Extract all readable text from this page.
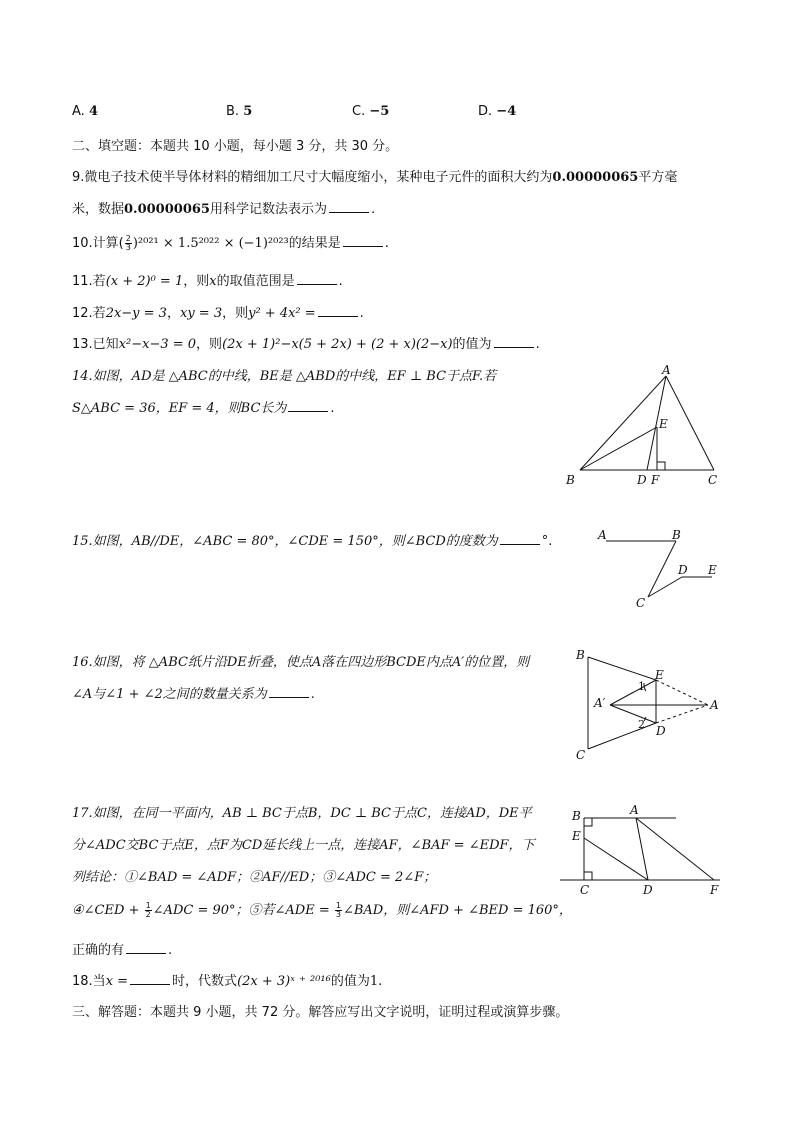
A. 4	B. 5	C. −5	D. −4
二、填空题：本题共 10 小题，每小题 3 分，共 30 分。
9.微电子技术使半导体材料的精细加工尺寸大幅度缩小，某种电子元件的面积大约为0.00000065平方毫
米，数据0.00000065用科学记数法表示为	.
10.计算( $\frac{2}{3} )^{2021} \times 1.5^{2022} \times (-1)^{2023}$的结果是	.
11.若(x + 2)⁰ = 1，则x的取值范围是	.
12.若2x−y = 3，xy = 3，则y² + 4x² =	.
13.已知x²−x−3 = 0，则(2x + 1)²−x(5 + 2x) + (2 + x)(2−x)的值为	.
14.如图，AD是 △ABC的中线，BE是 △ABD的中线，EF ⊥ BC于点F.若
S△ABC = 36，EF = 4，则BC长为	.
A
B	C
D
E
F
15.如图，AB//DE，∠ABC = 80°，∠CDE = 150°，则∠BCD的度数为	°.	A	B
C
D E
16.如图，将 △ABC纸片沿DE折叠，使点A落在四边形BCDE内点A′的位置，则
∠A与∠1 + ∠2之间的数量关系为	.
B
C
E
D
A′	A
1
2
17.如图，在同一平面内，AB ⊥ BC于点B，DC ⊥ BC于点C，连接AD，DE平
分∠ADC交BC于点E，点F为CD延长线上一点，连接AF，∠BAF = ∠EDF，下
列结论：①∠BAD = ∠ADF；②AF//ED；③∠ADC = 2∠F；
④∠CED + $\frac{1}{2}$ ∠ADC = 90°；⑤若∠ADE = $\frac{1}{3}$ ∠BAD，则∠AFD + ∠BED = 160°，
正确的有	.
B	A
E
C	D	F
18.当x =	时，代数式(2x + 3)ˣ ⁺ ²⁰¹⁶的值为1.
三、解答题：本题共 9 小题，共 72 分。解答应写出文字说明，证明过程或演算步骤。
